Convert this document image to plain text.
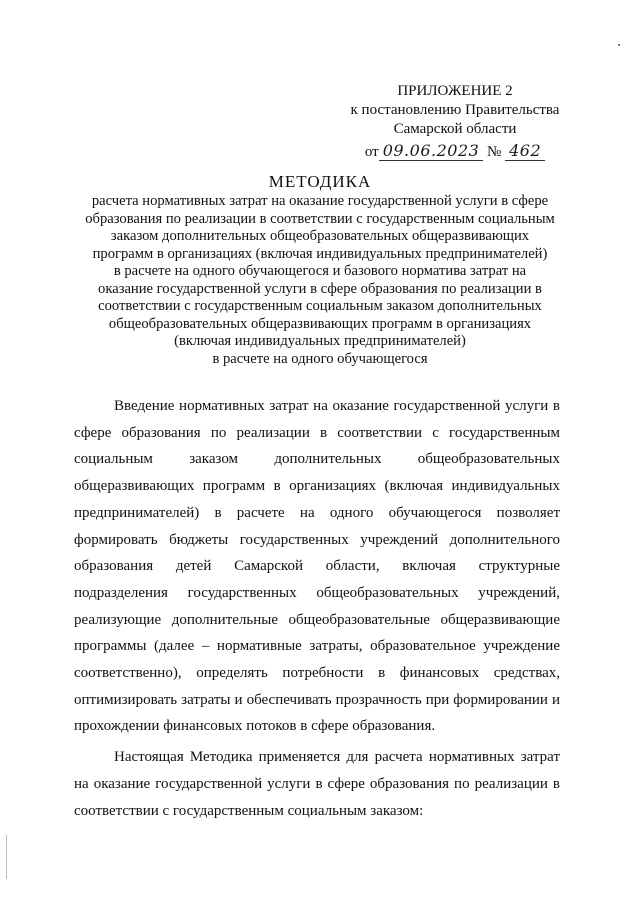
ПРИЛОЖЕНИЕ 2
к постановлению Правительства
Самарской области
от 09.06.2023 № 462
МЕТОДИКА
расчета нормативных затрат на оказание государственной услуги в сфере
образования по реализации в соответствии с государственным социальным
заказом дополнительных общеобразовательных общеразвивающих
программ в организациях (включая индивидуальных предпринимателей)
в расчете на одного обучающегося и базового норматива затрат на
оказание государственной услуги в сфере образования по реализации в
соответствии с государственным социальным заказом дополнительных
общеобразовательных общеразвивающих программ в организациях
(включая индивидуальных предпринимателей)
в расчете на одного обучающегося

Введение нормативных затрат на оказание государственной услуги в сфере образования по реализации в соответствии с государственным социальным заказом дополнительных общеобразовательных общеразвивающих программ в организациях (включая индивидуальных предпринимателей) в расчете на одного обучающегося позволяет формировать бюджеты государственных учреждений дополнительного образования детей Самарской области, включая структурные подразделения государственных общеобразовательных учреждений, реализующие дополнительные общеобразовательные общеразвивающие программы (далее – нормативные затраты, образовательное учреждение соответственно), определять потребности в финансовых средствах, оптимизировать затраты и обеспечивать прозрачность при формировании и прохождении финансовых потоков в сфере образования.

Настоящая Методика применяется для расчета нормативных затрат на оказание государственной услуги в сфере образования по реализации в соответствии с государственным социальным заказом:
